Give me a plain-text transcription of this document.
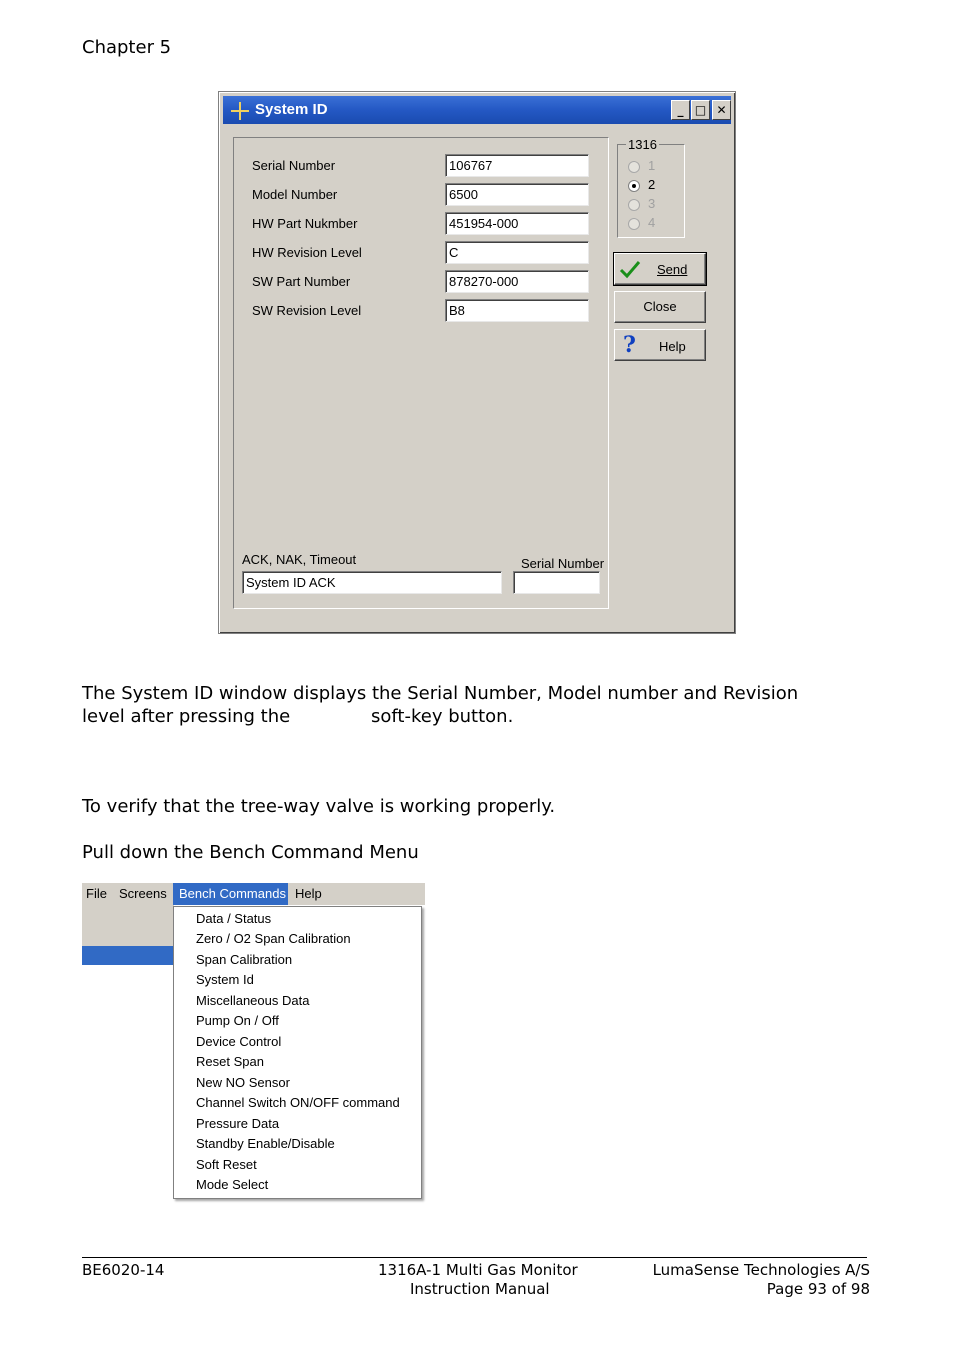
Chapter 5
System ID	_ □ ✕
Serial Number	106767
Model Number	6500
HW Part Nukmber	451954-000
HW Revision Level	C
SW Part Number	878270-000
SW Revision Level	B8
ACK, NAK, Timeout
System ID ACK
Serial Number
1316
1
2
3
4
Send
Close
? Help
The System ID window displays the Serial Number, Model number and Revision
level after pressing the	soft-key button.
To verify that the tree-way valve is working properly.
Pull down the Bench Command Menu
File Screens Bench Commands Help
Data / Status
Zero / O2 Span Calibration
Span Calibration
System Id
Miscellaneous Data
Pump On / Off
Device Control
Reset Span
New NO Sensor
Channel Switch ON/OFF command
Pressure Data
Standby Enable/Disable
Soft Reset
Mode Select
BE6020-14	1316A-1 Multi Gas Monitor
Instruction Manual
LumaSense Technologies A/S
Page 93 of 98
